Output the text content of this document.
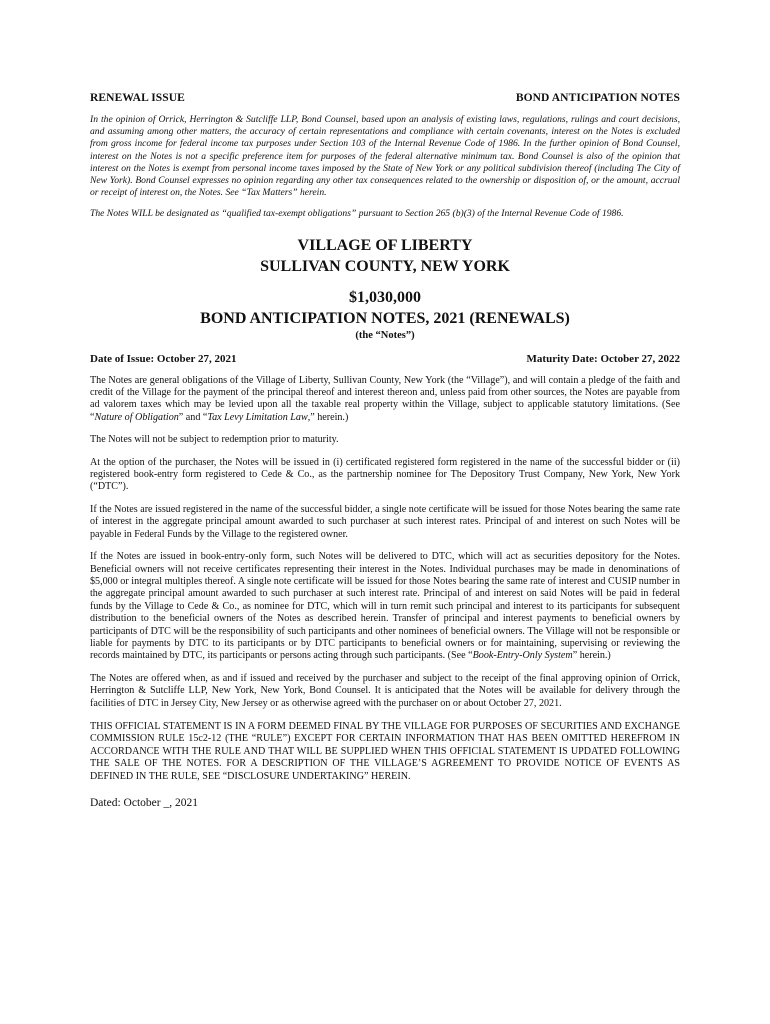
RENEWAL ISSUE	BOND ANTICIPATION NOTES
In the opinion of Orrick, Herrington & Sutcliffe LLP, Bond Counsel, based upon an analysis of existing laws, regulations, rulings and court decisions, and assuming among other matters, the accuracy of certain representations and compliance with certain covenants, interest on the Notes is excluded from gross income for federal income tax purposes under Section 103 of the Internal Revenue Code of 1986. In the further opinion of Bond Counsel, interest on the Notes is not a specific preference item for purposes of the federal alternative minimum tax. Bond Counsel is also of the opinion that interest on the Notes is exempt from personal income taxes imposed by the State of New York or any political subdivision thereof (including The City of New York). Bond Counsel expresses no opinion regarding any other tax consequences related to the ownership or disposition of, or the amount, accrual or receipt of interest on, the Notes. See “Tax Matters” herein.
The Notes WILL be designated as “qualified tax-exempt obligations” pursuant to Section 265 (b)(3) of the Internal Revenue Code of 1986.
VILLAGE OF LIBERTY
SULLIVAN COUNTY, NEW YORK
$1,030,000
BOND ANTICIPATION NOTES, 2021 (RENEWALS)
(the “Notes”)
Date of Issue: October 27, 2021	Maturity Date: October 27, 2022

The Notes are general obligations of the Village of Liberty, Sullivan County, New York (the “Village”), and will contain a pledge of the faith and credit of the Village for the payment of the principal thereof and interest thereon and, unless paid from other sources, the Notes are payable from ad valorem taxes which may be levied upon all the taxable real property within the Village, subject to applicable statutory limitations. (See “Nature of Obligation” and “Tax Levy Limitation Law,” herein.)

The Notes will not be subject to redemption prior to maturity.

At the option of the purchaser, the Notes will be issued in (i) certificated registered form registered in the name of the successful bidder or (ii) registered book-entry form registered to Cede & Co., as the partnership nominee for The Depository Trust Company, New York, New York (“DTC”).

If the Notes are issued registered in the name of the successful bidder, a single note certificate will be issued for those Notes bearing the same rate of interest in the aggregate principal amount awarded to such purchaser at such interest rates. Principal of and interest on such Notes will be payable in Federal Funds by the Village to the registered owner.

If the Notes are issued in book-entry-only form, such Notes will be delivered to DTC, which will act as securities depository for the Notes. Beneficial owners will not receive certificates representing their interest in the Notes. Individual purchases may be made in denominations of $5,000 or integral multiples thereof. A single note certificate will be issued for those Notes bearing the same rate of interest and CUSIP number in the aggregate principal amount awarded to such purchaser at such interest rate. Principal of and interest on said Notes will be paid in federal funds by the Village to Cede & Co., as nominee for DTC, which will in turn remit such principal and interest to its participants for subsequent distribution to the beneficial owners of the Notes as described herein. Transfer of principal and interest payments to beneficial owners by participants of DTC will be the responsibility of such participants and other nominees of beneficial owners. The Village will not be responsible or liable for payments by DTC to its participants or by DTC participants to beneficial owners or for maintaining, supervising or reviewing the records maintained by DTC, its participants or persons acting through such participants. (See “Book-Entry-Only System” herein.)

The Notes are offered when, as and if issued and received by the purchaser and subject to the receipt of the final approving opinion of Orrick, Herrington & Sutcliffe LLP, New York, New York, Bond Counsel. It is anticipated that the Notes will be available for delivery through the facilities of DTC in Jersey City, New Jersey or as otherwise agreed with the purchaser on or about October 27, 2021.

THIS OFFICIAL STATEMENT IS IN A FORM DEEMED FINAL BY THE VILLAGE FOR PURPOSES OF SECURITIES AND EXCHANGE COMMISSION RULE 15c2-12 (THE “RULE”) EXCEPT FOR CERTAIN INFORMATION THAT HAS BEEN OMITTED HEREFROM IN ACCORDANCE WITH THE RULE AND THAT WILL BE SUPPLIED WHEN THIS OFFICIAL STATEMENT IS UPDATED FOLLOWING THE SALE OF THE NOTES. FOR A DESCRIPTION OF THE VILLAGE’S AGREEMENT TO PROVIDE NOTICE OF EVENTS AS DEFINED IN THE RULE, SEE “DISCLOSURE UNDERTAKING” HEREIN.

Dated: October _, 2021
